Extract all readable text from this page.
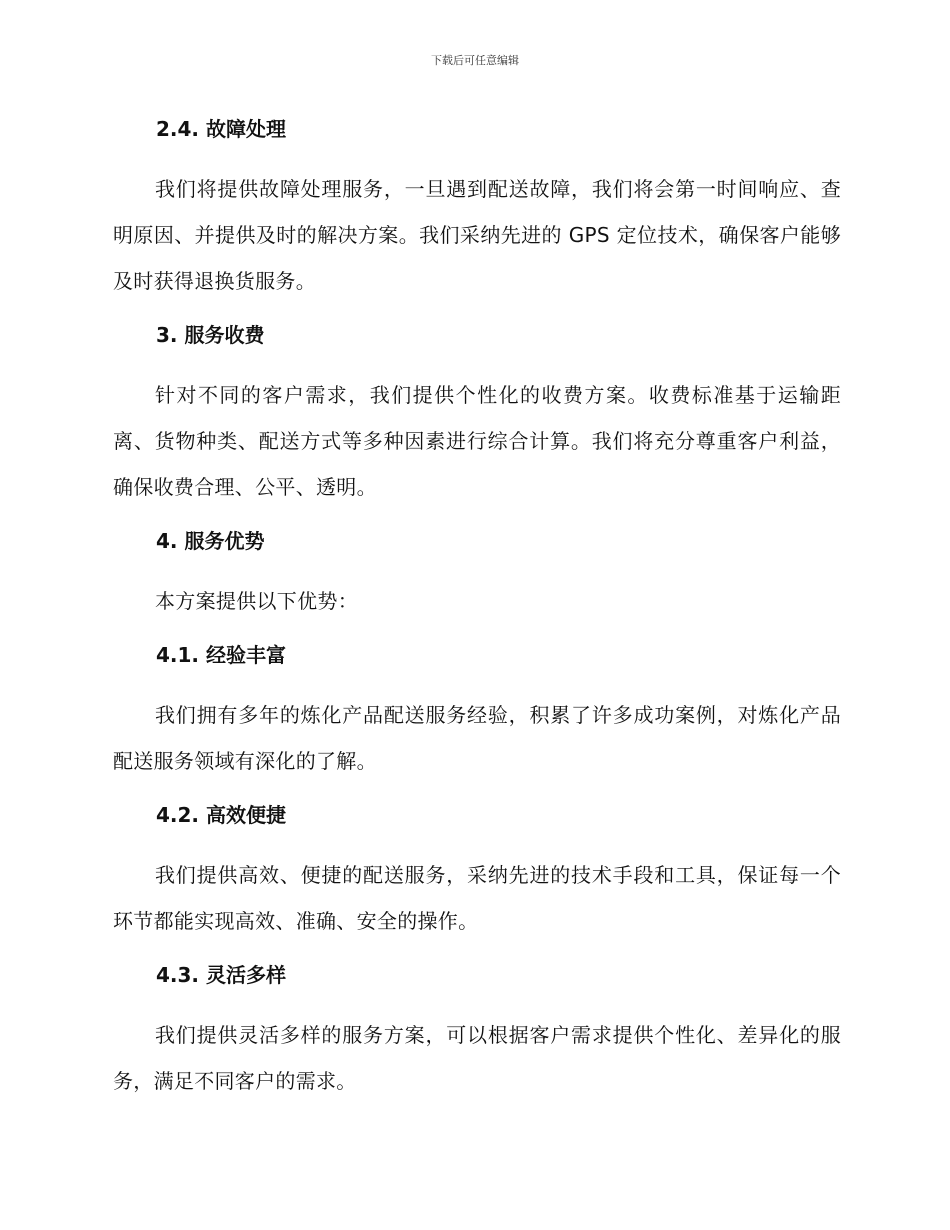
下载后可任意编辑
2.4. 故障处理

我们将提供故障处理服务，一旦遇到配送故障，我们将会第一时间响应、查明原因、并提供及时的解决方案。我们采纳先进的 GPS 定位技术，确保客户能够及时获得退换货服务。

3. 服务收费

针对不同的客户需求，我们提供个性化的收费方案。收费标准基于运输距离、货物种类、配送方式等多种因素进行综合计算。我们将充分尊重客户利益，确保收费合理、公平、透明。

4. 服务优势

本方案提供以下优势：

4.1. 经验丰富

我们拥有多年的炼化产品配送服务经验，积累了许多成功案例，对炼化产品配送服务领域有深化的了解。

4.2. 高效便捷

我们提供高效、便捷的配送服务，采纳先进的技术手段和工具，保证每一个环节都能实现高效、准确、安全的操作。

4.3. 灵活多样

我们提供灵活多样的服务方案，可以根据客户需求提供个性化、差异化的服务，满足不同客户的需求。
